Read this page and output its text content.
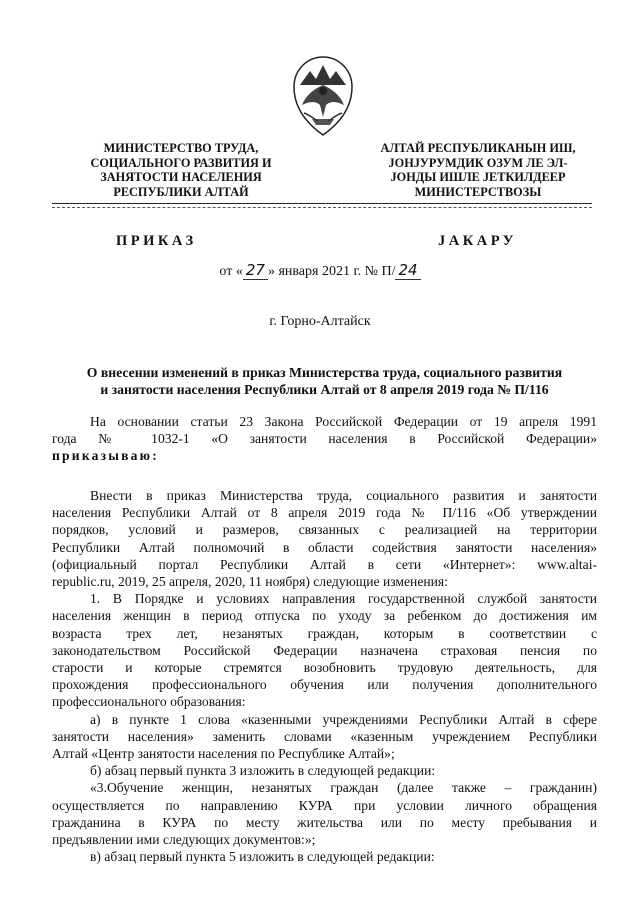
МИНИСТЕРСТВО ТРУДА,
СОЦИАЛЬНОГО РАЗВИТИЯ И
ЗАНЯТОСТИ НАСЕЛЕНИЯ
РЕСПУБЛИКИ АЛТАЙ
АЛТАЙ РЕСПУБЛИКАНЫН ИШ,
ЈОНЈУРУМДИК ОЗУМ ЛЕ ЭЛ-
ЈОНДЫ ИШЛЕ ЈЕТКИЛДЕЕР
МИНИСТЕРСТВОЗЫ
ПРИКАЗ	ЈАКАРУ
от « 27 » января 2021 г. № П/ 24
г. Горно-Алтайск
О внесении изменений в приказ Министерства труда, социального развития
и занятости населения Республики Алтай от 8 апреля 2019 года № П/116
На основании статьи 23 Закона Российской Федерации от 19 апреля 1991
года № 1032-1 «О занятости населения в Российской Федерации»
приказываю:
Внести в приказ Министерства труда, социального развития и занятости
населения Республики Алтай от 8 апреля 2019 года № П/116 «Об утверждении
порядков, условий и размеров, связанных с реализацией на территории
Республики Алтай полномочий в области содействия занятости населения»
(официальный портал Республики Алтай в сети «Интернет»: www.altai-
republic.ru, 2019, 25 апреля, 2020, 11 ноября) следующие изменения:
1. В Порядке и условиях направления государственной службой занятости
населения женщин в период отпуска по уходу за ребенком до достижения им
возраста трех лет, незанятых граждан, которым в соответствии с
законодательством Российской Федерации назначена страховая пенсия по
старости и которые стремятся возобновить трудовую деятельность, для
прохождения профессионального обучения или получения дополнительного
профессионального образования:
а) в пункте 1 слова «казенными учреждениями Республики Алтай в сфере
занятости населения» заменить словами «казенным учреждением Республики
Алтай «Центр занятости населения по Республике Алтай»;
б) абзац первый пункта 3 изложить в следующей редакции:
«3.Обучение женщин, незанятых граждан (далее также – гражданин)
осуществляется по направлению КУРА при условии личного обращения
гражданина в КУРА по месту жительства или по месту пребывания и
предъявлении ими следующих документов:»;
в) абзац первый пункта 5 изложить в следующей редакции:
